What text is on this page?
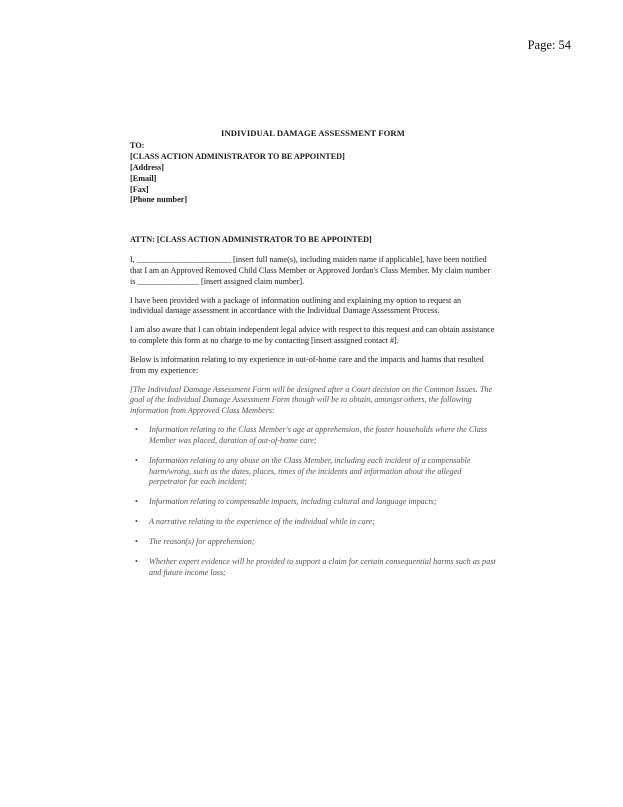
Page: 54
INDIVIDUAL DAMAGE ASSESSMENT FORM
TO:
[CLASS ACTION ADMINISTRATOR TO BE APPOINTED]
[Address]
[Email]
[Fax]
[Phone number]
ATTN: [CLASS ACTION ADMINISTRATOR TO BE APPOINTED]

I, _______________________ [insert full name(s), including maiden name if applicable], have been notified that I am an Approved Removed Child Class Member or Approved Jordan's Class Member. My claim number is _______________ [insert assigned claim number].

I have been provided with a package of information outlining and explaining my option to request an individual damage assessment in accordance with the Individual Damage Assessment Process.

I am also aware that I can obtain independent legal advice with respect to this request and can obtain assistance to complete this form at no charge to me by contacting [insert assigned contact #].

Below is information relating to my experience in out-of-home care and the impacts and harms that resulted from my experience:

[The Individual Damage Assessment Form will be designed after a Court decision on the Common Issues. The goal of the Individual Damage Assessment Form though will be to obtain, amongst others, the following information from Approved Class Members:

• Information relating to the Class Member's age at apprehension, the foster households where the Class Member was placed, duration of out-of-home care;
• Information relating to any abuse on the Class Member, including each incident of a compensable harm/wrong, such as the dates, places, times of the incidents and information about the alleged perpetrator for each incident;
• Information relating to compensable impacts, including cultural and language impacts;
• A narrative relating to the experience of the individual while in care;
• The reason(s) for apprehension;
• Whether expert evidence will be provided to support a claim for certain consequential harms such as past and future income loss;
